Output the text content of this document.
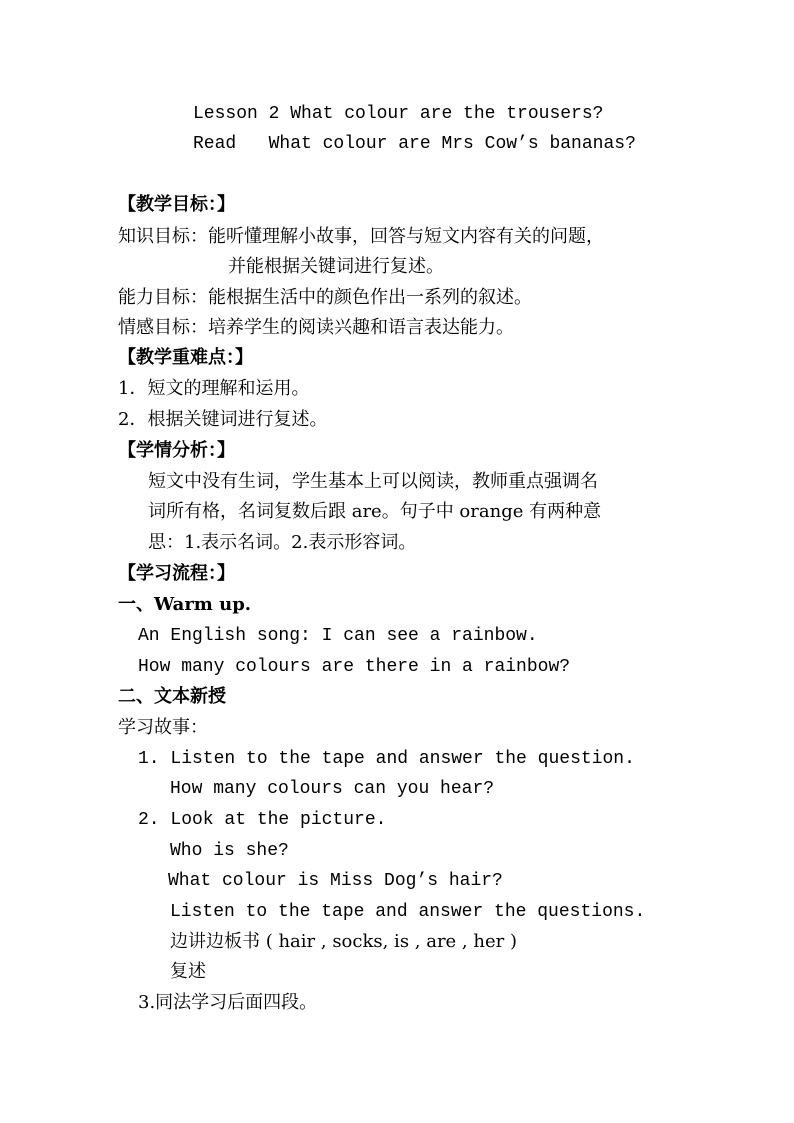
Lesson 2 What colour are the trousers?
Read   What colour are Mrs Cow’s bananas?
【教学目标：】
知识目标：能听懂理解小故事，回答与短文内容有关的问题，
并能根据关键词进行复述。
能力目标：能根据生活中的颜色作出一系列的叙述。
情感目标：培养学生的阅读兴趣和语言表达能力。
【教学重难点：】
1．短文的理解和运用。
2．根据关键词进行复述。
【学情分析：】
短文中没有生词，学生基本上可以阅读，教师重点强调名
词所有格，名词复数后跟 are。句子中 orange 有两种意
思：1.表示名词。2.表示形容词。
【学习流程：】
一、Warm up.
An English song: I can see a rainbow.
How many colours are there in a rainbow?
二、文本新授
学习故事：
1. Listen to the tape and answer the question.
How many colours can you hear?
2. Look at the picture.
Who is she?
What colour is Miss Dog’s hair?
Listen to the tape and answer the questions.
边讲边板书 ( hair , socks, is , are , her )
复述
3.同法学习后面四段。
